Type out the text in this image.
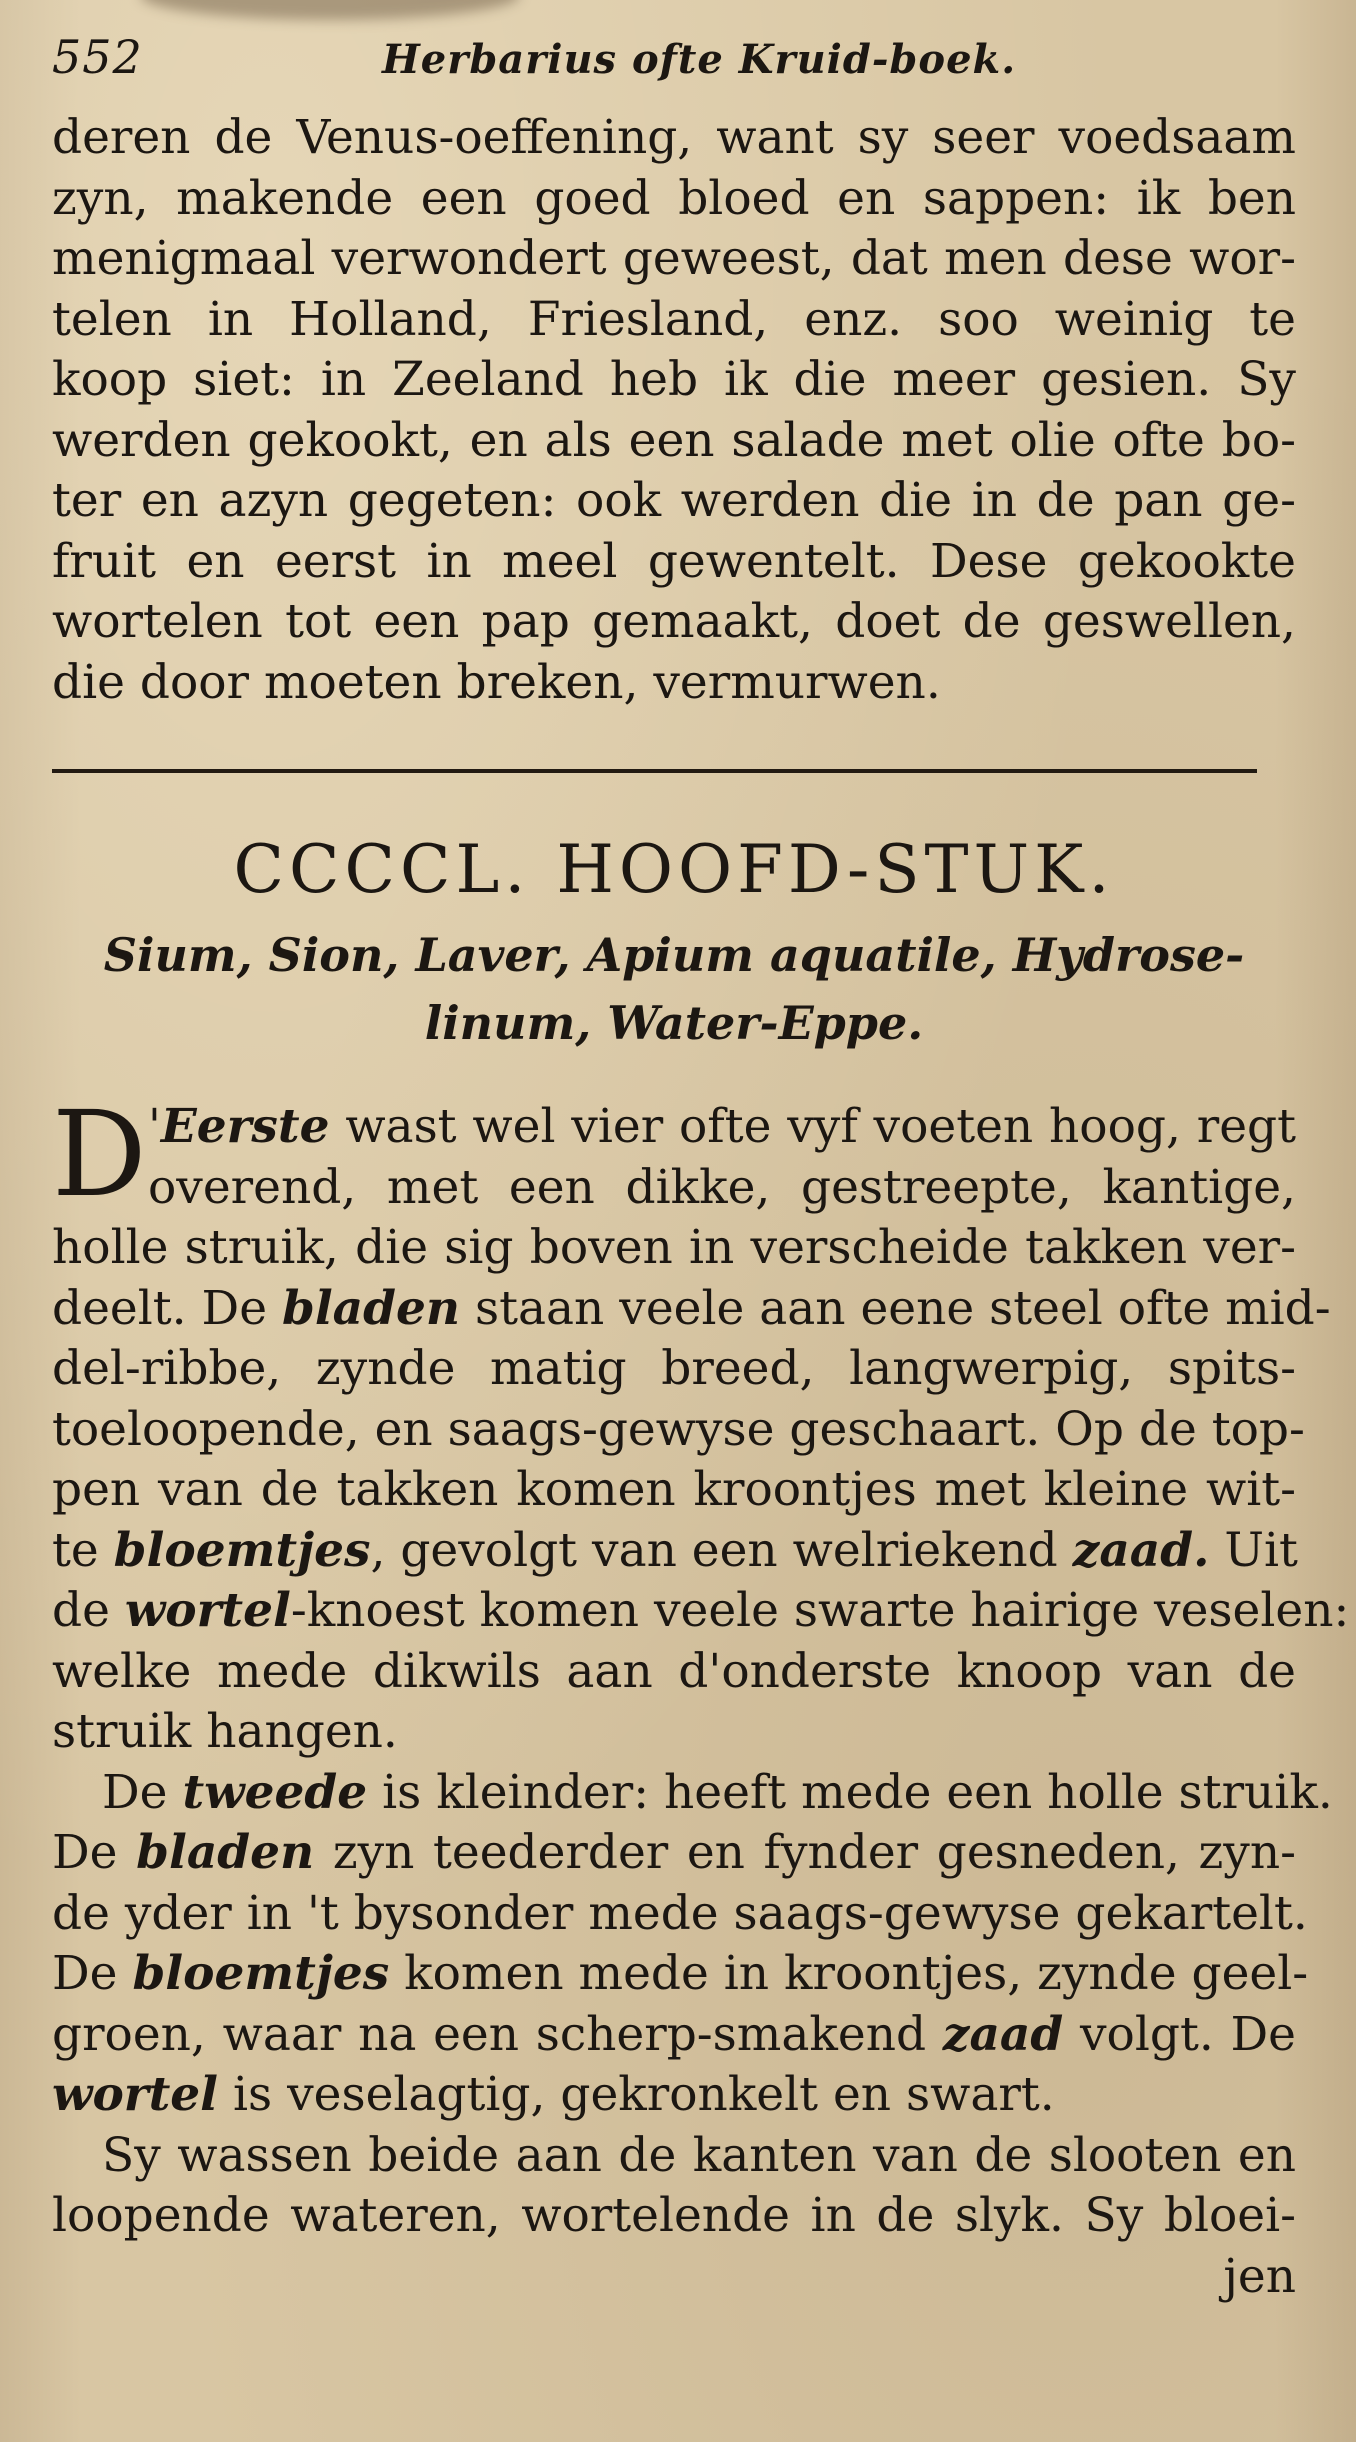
552	Herbarius ofte Kruid-boek.
deren de Venus-oeffening, want sy seer voedsaam
zyn, makende een goed bloed en sappen: ik ben
menigmaal verwondert geweest, dat men dese wor-
telen in Holland, Friesland, enz. soo weinig te
koop siet: in Zeeland heb ik die meer gesien. Sy
werden gekookt, en als een salade met olie ofte bo-
ter en azyn gegeten: ook werden die in de pan ge-
fruit en eerst in meel gewentelt. Dese gekookte
wortelen tot een pap gemaakt, doet de geswellen,
die door moeten breken, vermurwen.
CCCCL. HOOFD-STUK.
Sium, Sion, Laver, Apium aquatile, Hydrose-
linum, Water-Eppe.
D 'Eerste wast wel vier ofte vyf voeten hoog, regt
overend, met een dikke, gestreepte, kantige,
holle struik, die sig boven in verscheide takken ver-
deelt. De bladen staan veele aan eene steel ofte mid-
del-ribbe, zynde matig breed, langwerpig, spits-
toeloopende, en saags-gewyse geschaart. Op de top-
pen van de takken komen kroontjes met kleine wit-
te bloemtjes, gevolgt van een welriekend zaad. Uit
de wortel-knoest komen veele swarte hairige veselen:
welke mede dikwils aan d'onderste knoop van de
struik hangen.
De tweede is kleinder: heeft mede een holle struik.
De bladen zyn teederder en fynder gesneden, zyn-
de yder in 't bysonder mede saags-gewyse gekartelt.
De bloemtjes komen mede in kroontjes, zynde geel-
groen, waar na een scherp-smakend zaad volgt. De
wortel is veselagtig, gekronkelt en swart.
Sy wassen beide aan de kanten van de slooten en
loopende wateren, wortelende in de slyk. Sy bloei-
jen
